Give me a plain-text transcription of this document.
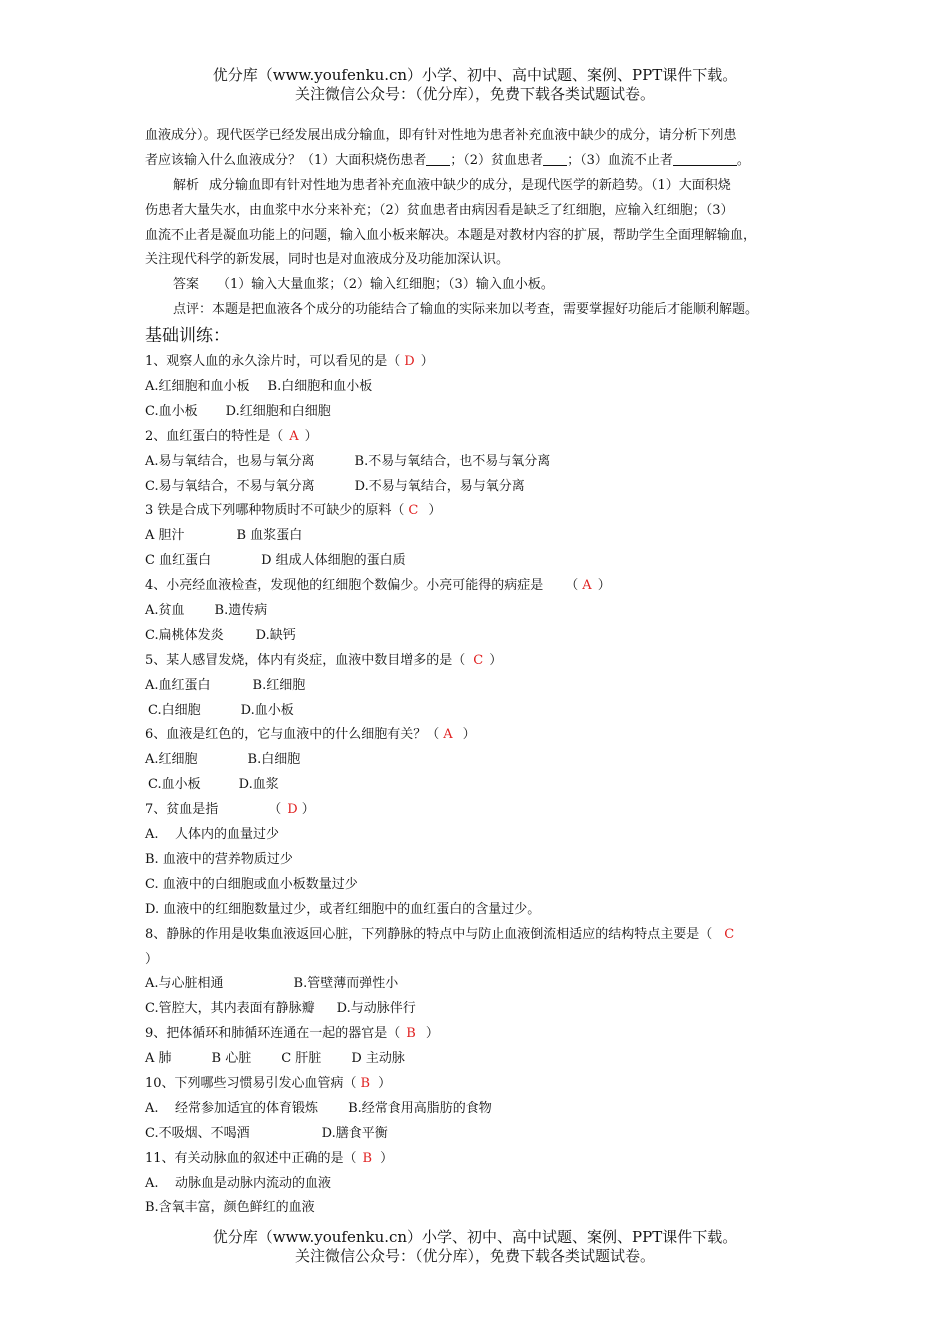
优分库（www.youfenku.cn）小学、初中、高中试题、案例、PPT课件下载。
关注微信公众号：（优分库），免费下载各类试题试卷。
血液成分）。现代医学已经发展出成分输血，即有针对性地为患者补充血液中缺少的成分，请分析下列患
者应该输入什么血液成分？（1）大面积烧伤患者 ；（2）贫血患者 ；（3）血流不止者	。
解析 成分输血即有针对性地为患者补充血液中缺少的成分，是现代医学的新趋势。（1）大面积烧
伤患者大量失水，由血浆中水分来补充；（2）贫血患者由病因看是缺乏了红细胞，应输入红细胞；（3）
血流不止者是凝血功能上的问题，输入血小板来解决。本题是对教材内容的扩展，帮助学生全面理解输血，
关注现代科学的新发展，同时也是对血液成分及功能加深认识。
答案 （1）输入大量血浆；（2）输入红细胞；（3）输入血小板。
点评：本题是把血液各个成分的功能结合了输血的实际来加以考查，需要掌握好功能后才能顺利解题。
基础训练：
1、观察人血的永久涂片时，可以看见的是（ D ）
A.红细胞和血小板 B.白细胞和血小板
C.血小板 D.红细胞和白细胞
2、血红蛋白的特性是（ A ）
A.易与氧结合，也易与氧分离	B.不易与氧结合，也不易与氧分离
C.易与氧结合，不易与氧分离	D.不易与氧结合，易与氧分离
3 铁是合成下列哪种物质时不可缺少的原料（ C ）
A 胆汁	B 血浆蛋白
C 血红蛋白	D 组成人体细胞的蛋白质
4、小亮经血液检查，发现他的红细胞个数偏少。小亮可能得的病症是 （ A ）
A.贫血 B.遗传病
C.扁桃体发炎 D.缺钙
5、某人感冒发烧，体内有炎症，血液中数目增多的是（ C ）
A.血红蛋白	B.红细胞
C.白细胞	D.血小板
6、血液是红色的，它与血液中的什么细胞有关？（ A ）
A.红细胞	B.白细胞
C.血小板	D.血浆
7、贫血是指	（ D ）
A.    人体内的血量过少
B. 血液中的营养物质过少
C. 血液中的白细胞或血小板数量过少
D. 血液中的红细胞数量过少，或者红细胞中的血红蛋白的含量过少。
8、静脉的作用是收集血液返回心脏，下列静脉的特点中与防止血液倒流相适应的结构特点主要是（ C
）
A.与心脏相通	B.管壁薄而弹性小
C.管腔大，其内表面有静脉瓣 D.与动脉伴行
9、把体循环和肺循环连通在一起的器官是（ B ）
A 肺	B 心脏 C 肝脏 D 主动脉
10、下列哪些习惯易引发心血管病（ B ）
A.    经常参加适宜的体育锻炼 B.经常食用高脂肪的食物
C.不吸烟、不喝酒	D.膳食平衡
11、有关动脉血的叙述中正确的是（ B ）
A.    动脉血是动脉内流动的血液
B.含氧丰富，颜色鲜红的血液
优分库（www.youfenku.cn）小学、初中、高中试题、案例、PPT课件下载。
关注微信公众号：（优分库），免费下载各类试题试卷。
